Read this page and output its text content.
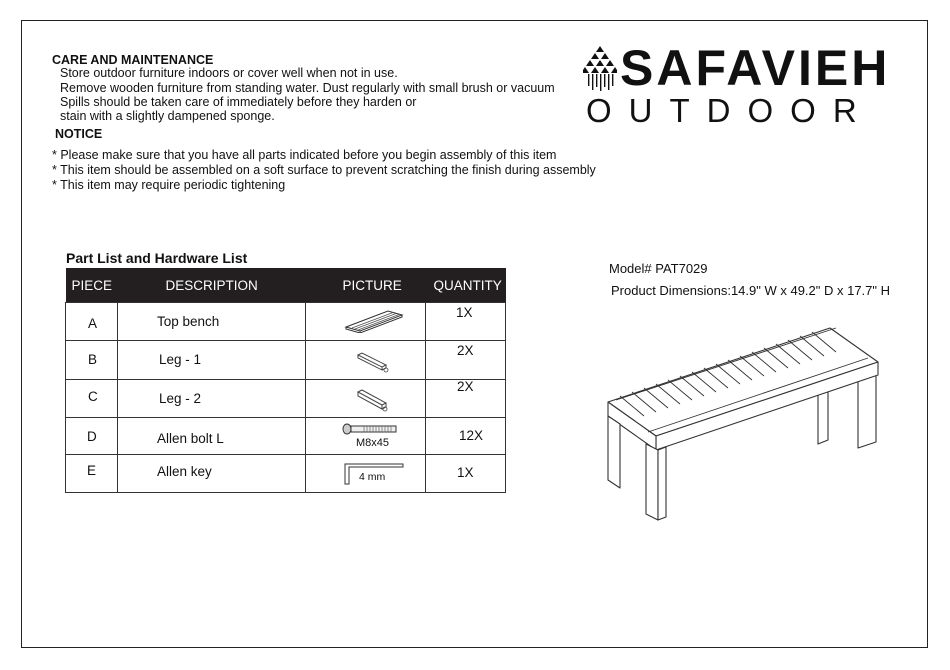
CARE AND MAINTENANCE
Store outdoor furniture indoors or cover well when not in use.
Remove wooden furniture from standing water. Dust regularly with small brush or vacuum
Spills should be taken care of immediately before they harden or
stain with a slightly dampened sponge.
NOTICE
* Please make sure that you have all parts indicated before you begin assembly of this item
* This item should be assembled on a soft surface to prevent scratching the finish during assembly
* This item may require periodic tightening
SAFAVIEH
OUTDOOR
Part List and Hardware List
PIECE	DESCRIPTION	PICTURE	QUANTITY

A	Top bench		1X

B	Leg - 1		2X

C	Leg - 2		2X

D	Allen bolt L	M8x45	12X

E	Allen key	4 mm	1X
Model# PAT7029
Product Dimensions:14.9" W x 49.2" D x 17.7" H
